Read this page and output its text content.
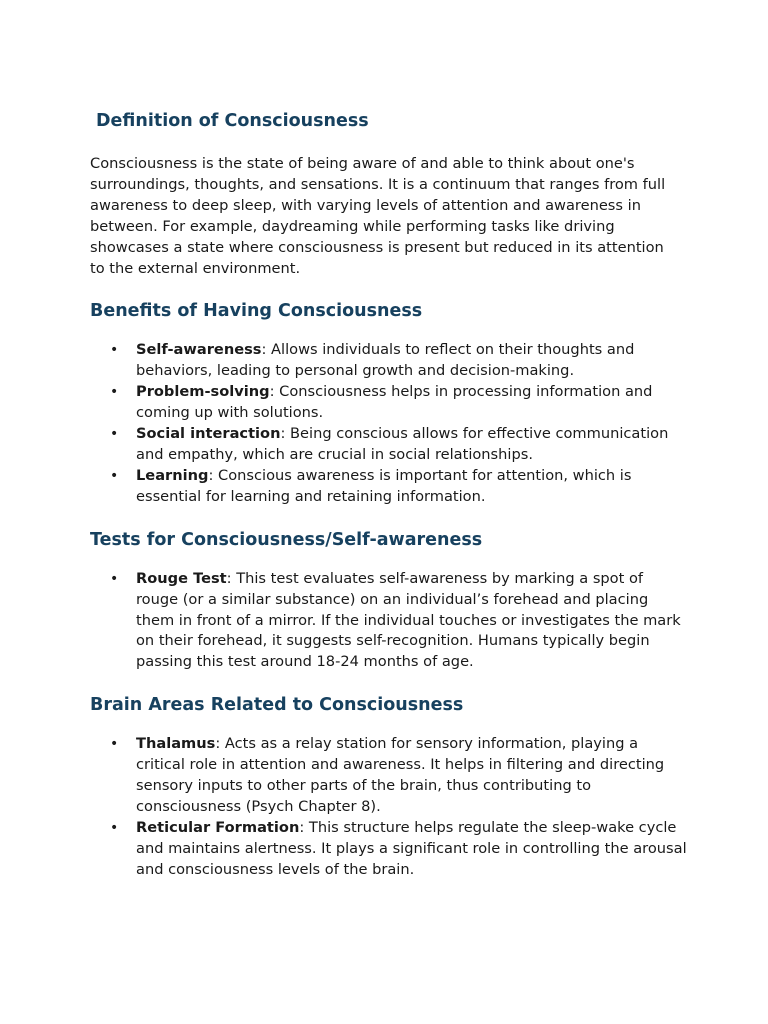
Definition of Consciousness

Consciousness is the state of being aware of and able to think about one's surroundings, thoughts, and sensations. It is a continuum that ranges from full awareness to deep sleep, with varying levels of attention and awareness in between. For example, daydreaming while performing tasks like driving showcases a state where consciousness is present but reduced in its attention to the external environment.

Benefits of Having Consciousness
• Self-awareness: Allows individuals to reflect on their thoughts and behaviors, leading to personal growth and decision-making.
• Problem-solving: Consciousness helps in processing information and coming up with solutions.
• Social interaction: Being conscious allows for effective communication and empathy, which are crucial in social relationships.
• Learning: Conscious awareness is important for attention, which is essential for learning and retaining information.
Tests for Consciousness/Self-awareness
• Rouge Test: This test evaluates self-awareness by marking a spot of rouge (or a similar substance) on an individual’s forehead and placing them in front of a mirror. If the individual touches or investigates the mark on their forehead, it suggests self-recognition. Humans typically begin passing this test around 18-24 months of age.
Brain Areas Related to Consciousness
• Thalamus: Acts as a relay station for sensory information, playing a critical role in attention and awareness. It helps in filtering and directing sensory inputs to other parts of the brain, thus contributing to consciousness (Psych Chapter 8).
• Reticular Formation: This structure helps regulate the sleep-wake cycle and maintains alertness. It plays a significant role in controlling the arousal and consciousness levels of the brain.
